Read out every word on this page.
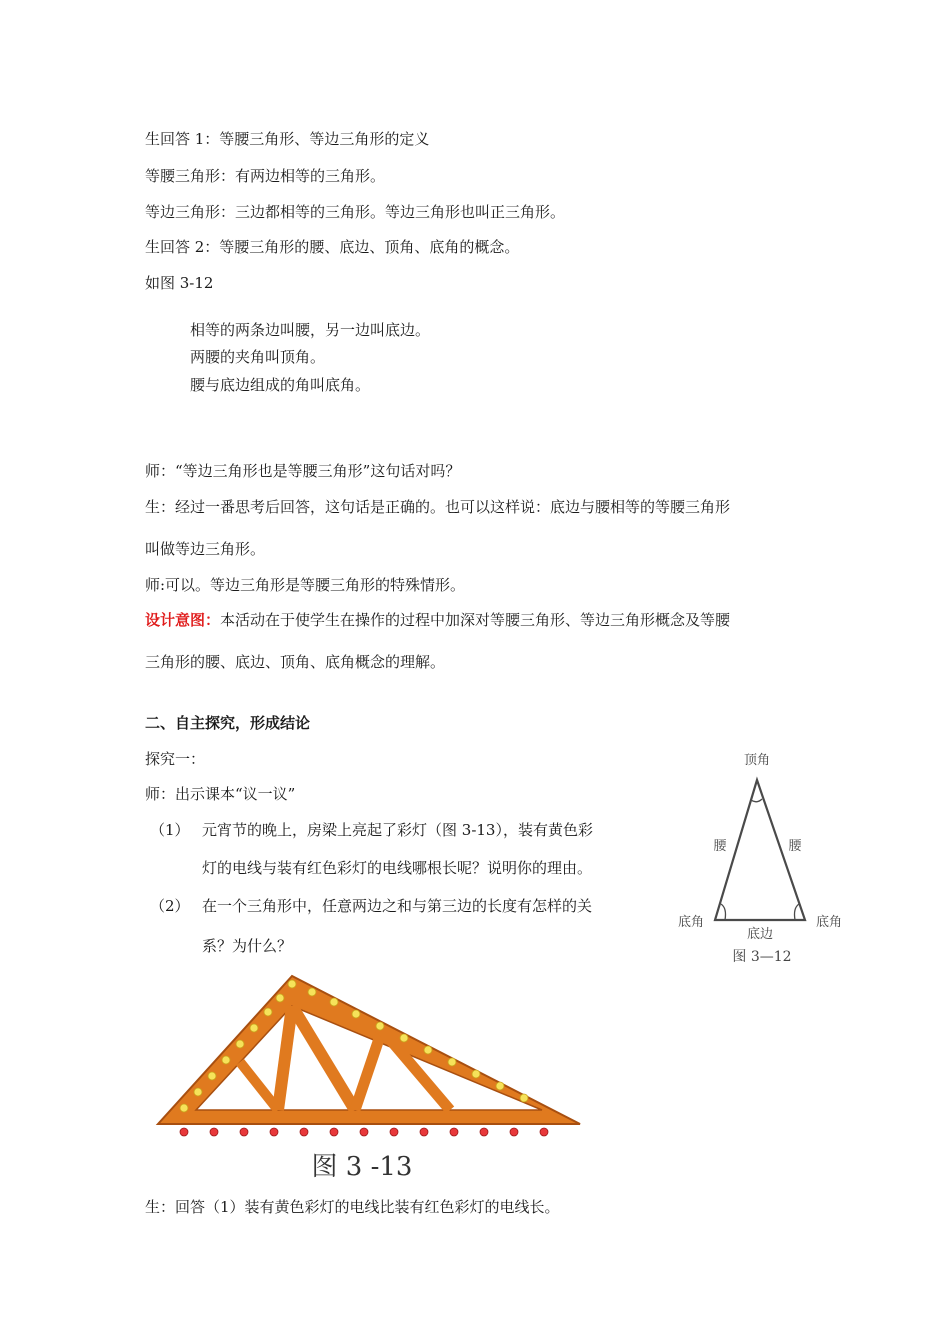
生回答 1：等腰三角形、等边三角形的定义
等腰三角形：有两边相等的三角形。
等边三角形：三边都相等的三角形。等边三角形也叫正三角形。
生回答 2：等腰三角形的腰、底边、顶角、底角的概念。
如图 3-12
相等的两条边叫腰，另一边叫底边。
两腰的夹角叫顶角。
腰与底边组成的角叫底角。
师：“等边三角形也是等腰三角形”这句话对吗？
生：经过一番思考后回答，这句话是正确的。也可以这样说：底边与腰相等的等腰三角形
叫做等边三角形。
师:可以。等边三角形是等腰三角形的特殊情形。
设计意图：本活动在于使学生在操作的过程中加深对等腰三角形、等边三角形概念及等腰
三角形的腰、底边、顶角、底角概念的理解。
二、自主探究，形成结论
探究一：
师：出示课本“议一议”
（1） 元宵节的晚上，房梁上亮起了彩灯（图 3-13），装有黄色彩
灯的电线与装有红色彩灯的电线哪根长呢？说明你的理由。
（2） 在一个三角形中，任意两边之和与第三边的长度有怎样的关
系？为什么？
顶角
腰	腰
底角
底边
底角
图 3—12
图 3 -13
生：回答（1）装有黄色彩灯的电线比装有红色彩灯的电线长。
